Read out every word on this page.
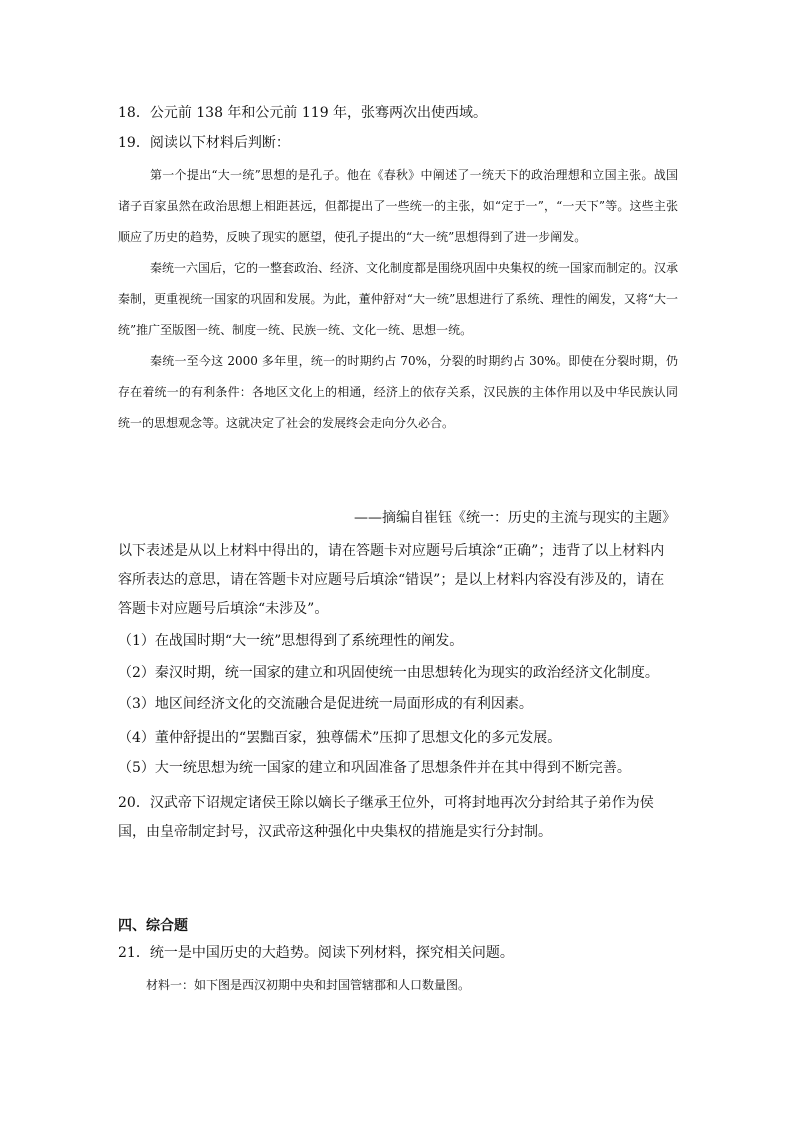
18．公元前 138 年和公元前 119 年，张骞两次出使西域。
19．阅读以下材料后判断：

第一个提出“大一统”思想的是孔子。他在《春秋》中阐述了一统天下的政治理想和立国主张。战国诸子百家虽然在政治思想上相距甚远，但都提出了一些统一的主张，如“定于一”，“一天下”等。这些主张顺应了历史的趋势，反映了现实的愿望，使孔子提出的“大一统”思想得到了进一步阐发。

秦统一六国后，它的一整套政治、经济、文化制度都是围绕巩固中央集权的统一国家而制定的。汉承秦制，更重视统一国家的巩固和发展。为此，董仲舒对“大一统”思想进行了系统、理性的阐发，又将“大一统”推广至版图一统、制度一统、民族一统、文化一统、思想一统。

秦统一至今这 2000 多年里，统一的时期约占 70%，分裂的时期约占 30%。即使在分裂时期，仍存在着统一的有利条件：各地区文化上的相通，经济上的依存关系，汉民族的主体作用以及中华民族认同统一的思想观念等。这就决定了社会的发展终会走向分久必合。

——摘编自崔钰《统一：历史的主流与现实的主题》
以下表述是从以上材料中得出的，请在答题卡对应题号后填涂“正确”；违背了以上材料内容所表达的意思，请在答题卡对应题号后填涂“错误”；是以上材料内容没有涉及的，请在答题卡对应题号后填涂“未涉及”。
（1）在战国时期“大一统”思想得到了系统理性的阐发。
（2）秦汉时期，统一国家的建立和巩固使统一由思想转化为现实的政治经济文化制度。
（3）地区间经济文化的交流融合是促进统一局面形成的有利因素。
（4）董仲舒提出的“罢黜百家，独尊儒术”压抑了思想文化的多元发展。
（5）大一统思想为统一国家的建立和巩固准备了思想条件并在其中得到不断完善。
20．汉武帝下诏规定诸侯王除以嫡长子继承王位外，可将封地再次分封给其子弟作为侯国，由皇帝制定封号，汉武帝这种强化中央集权的措施是实行分封制。
四、综合题
21．统一是中国历史的大趋势。阅读下列材料，探究相关问题。
材料一：如下图是西汉初期中央和封国管辖郡和人口数量图。
